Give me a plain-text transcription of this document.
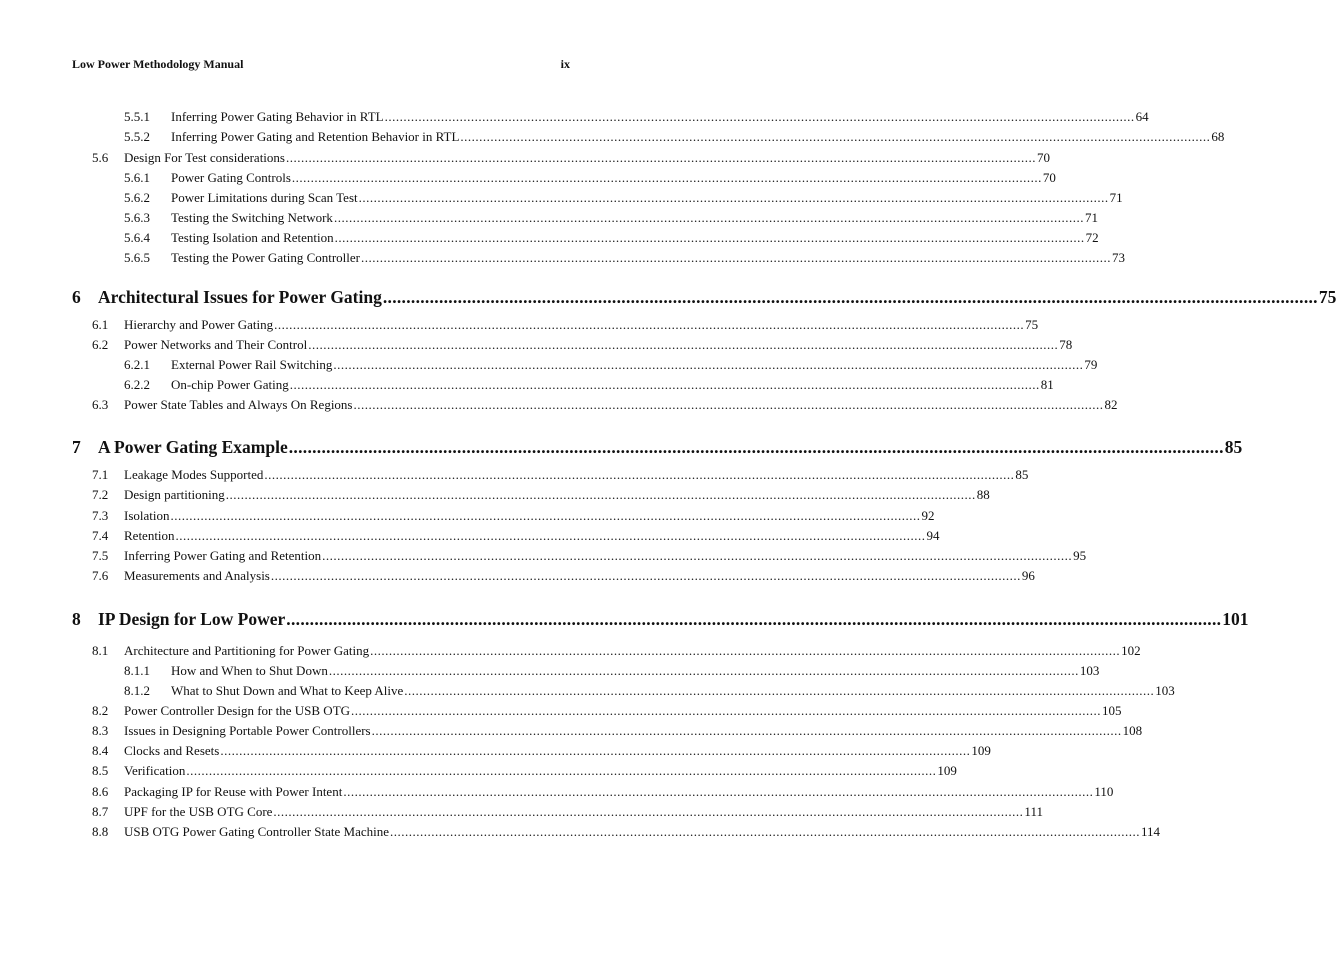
Low Power Methodology Manual	ix
5.5.1 Inferring Power Gating Behavior in RTL ........................................................................................................................................................................................................ 64
5.5.2 Inferring Power Gating and Retention Behavior in RTL ........................................................................................................................................................................................................ 68
5.6 Design For Test considerations ........................................................................................................................................................................................................ 70
5.6.1 Power Gating Controls ........................................................................................................................................................................................................ 70
5.6.2 Power Limitations during Scan Test ........................................................................................................................................................................................................ 71
5.6.3 Testing the Switching Network ........................................................................................................................................................................................................ 71
5.6.4 Testing Isolation and Retention ........................................................................................................................................................................................................ 72
5.6.5 Testing the Power Gating Controller ........................................................................................................................................................................................................ 73
6 Architectural Issues for Power Gating ........................................................................................................................................................................................................ 75
6.1 Hierarchy and Power Gating ........................................................................................................................................................................................................ 75
6.2 Power Networks and Their Control ........................................................................................................................................................................................................ 78
6.2.1 External Power Rail Switching ........................................................................................................................................................................................................ 79
6.2.2 On-chip Power Gating ........................................................................................................................................................................................................ 81
6.3 Power State Tables and Always On Regions ........................................................................................................................................................................................................ 82
7 A Power Gating Example ........................................................................................................................................................................................................ 85
7.1 Leakage Modes Supported ........................................................................................................................................................................................................ 85
7.2 Design partitioning ........................................................................................................................................................................................................ 88
7.3 Isolation ........................................................................................................................................................................................................ 92
7.4 Retention ........................................................................................................................................................................................................ 94
7.5 Inferring Power Gating and Retention ........................................................................................................................................................................................................ 95
7.6 Measurements and Analysis ........................................................................................................................................................................................................ 96
8 IP Design for Low Power ........................................................................................................................................................................................................ 101
8.1 Architecture and Partitioning for Power Gating ........................................................................................................................................................................................................ 102
8.1.1 How and When to Shut Down ........................................................................................................................................................................................................ 103
8.1.2 What to Shut Down and What to Keep Alive ........................................................................................................................................................................................................ 103
8.2 Power Controller Design for the USB OTG ........................................................................................................................................................................................................ 105
8.3 Issues in Designing Portable Power Controllers ........................................................................................................................................................................................................ 108
8.4 Clocks and Resets ........................................................................................................................................................................................................ 109
8.5 Verification ........................................................................................................................................................................................................ 109
8.6 Packaging IP for Reuse with Power Intent ........................................................................................................................................................................................................ 110
8.7 UPF for the USB OTG Core ........................................................................................................................................................................................................ 111
8.8 USB OTG Power Gating Controller State Machine ........................................................................................................................................................................................................ 114
